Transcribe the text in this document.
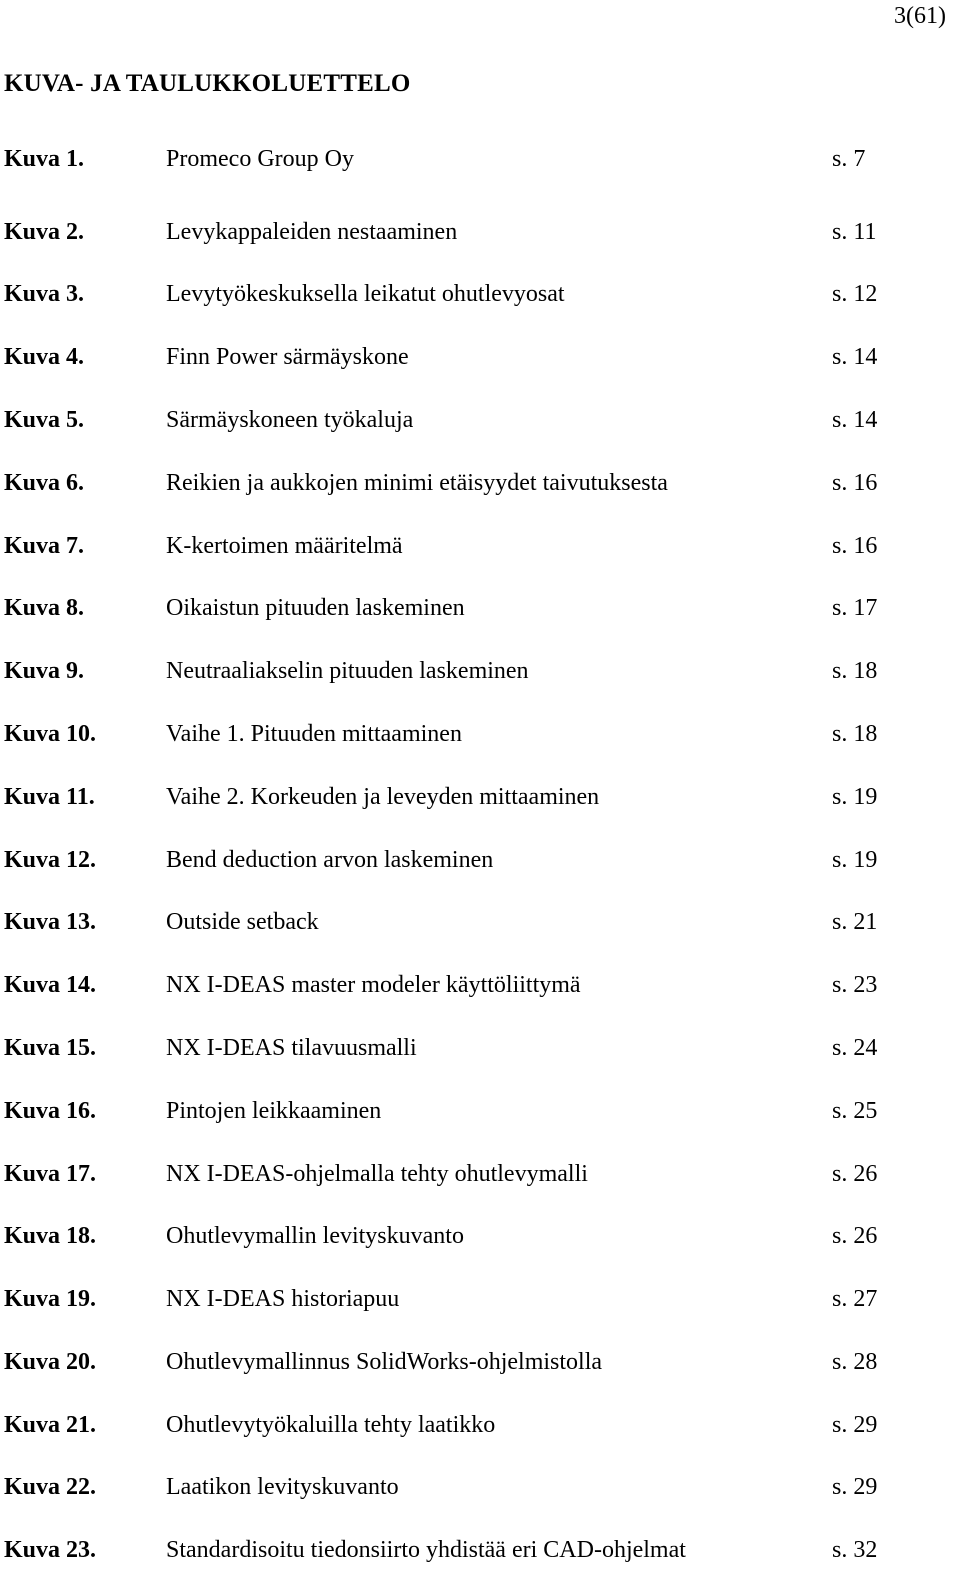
3(61)
KUVA- JA TAULUKKOLUETTELO
Kuva 1.	Promeco Group Oy	s. 7
Kuva 2.	Levykappaleiden nestaaminen	s. 11
Kuva 3.	Levytyökeskuksella leikatut ohutlevyosat	s. 12
Kuva 4.	Finn Power särmäyskone	s. 14
Kuva 5.	Särmäyskoneen työkaluja	s. 14
Kuva 6.	Reikien ja aukkojen minimi etäisyydet taivutuksesta	s. 16
Kuva 7.	K-kertoimen määritelmä	s. 16
Kuva 8.	Oikaistun pituuden laskeminen	s. 17
Kuva 9.	Neutraaliakselin pituuden laskeminen	s. 18
Kuva 10.	Vaihe 1. Pituuden mittaaminen	s. 18
Kuva 11.	Vaihe 2. Korkeuden ja leveyden mittaaminen	s. 19
Kuva 12.	Bend deduction arvon laskeminen	s. 19
Kuva 13.	Outside setback	s. 21
Kuva 14.	NX I-DEAS master modeler käyttöliittymä	s. 23
Kuva 15.	NX I-DEAS tilavuusmalli	s. 24
Kuva 16.	Pintojen leikkaaminen	s. 25
Kuva 17.	NX I-DEAS-ohjelmalla tehty ohutlevymalli	s. 26
Kuva 18.	Ohutlevymallin levityskuvanto	s. 26
Kuva 19.	NX I-DEAS historiapuu	s. 27
Kuva 20.	Ohutlevymallinnus SolidWorks-ohjelmistolla	s. 28
Kuva 21.	Ohutlevytyökaluilla tehty laatikko	s. 29
Kuva 22.	Laatikon levityskuvanto	s. 29
Kuva 23.	Standardisoitu tiedonsiirto yhdistää eri CAD-ohjelmat	s. 32
